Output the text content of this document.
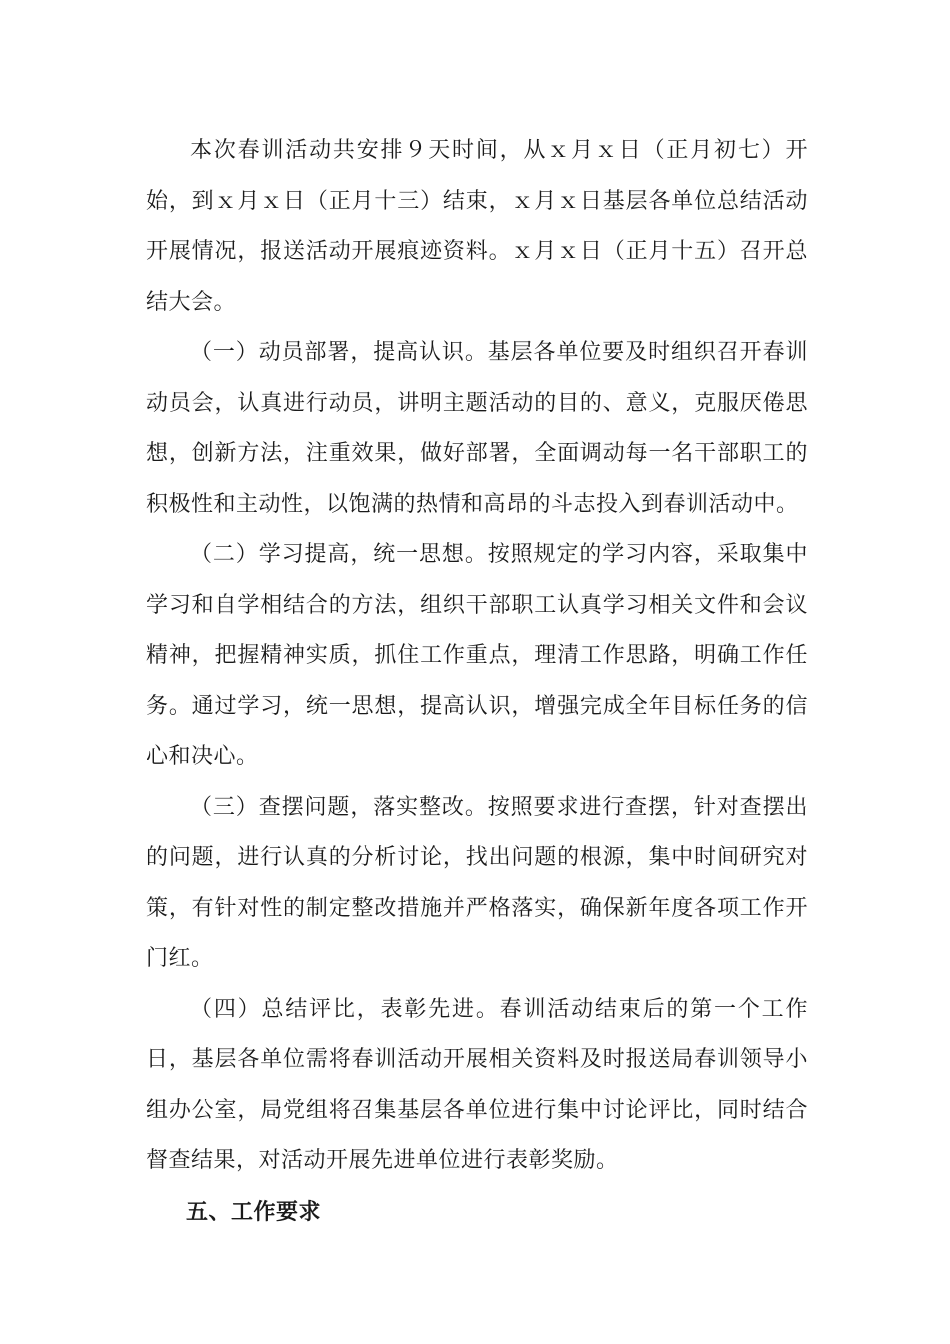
本次春训活动共安排９天时间，从ｘ月ｘ日（正月初七）开始，到ｘ月ｘ日（正月十三）结束，ｘ月ｘ日基层各单位总结活动开展情况，报送活动开展痕迹资料。ｘ月ｘ日（正月十五）召开总结大会。

（一）动员部署，提高认识。基层各单位要及时组织召开春训动员会，认真进行动员，讲明主题活动的目的、意义，克服厌倦思想，创新方法，注重效果，做好部署，全面调动每一名干部职工的积极性和主动性，以饱满的热情和高昂的斗志投入到春训活动中。

（二）学习提高，统一思想。按照规定的学习内容，采取集中学习和自学相结合的方法，组织干部职工认真学习相关文件和会议精神，把握精神实质，抓住工作重点，理清工作思路，明确工作任务。通过学习，统一思想，提高认识，增强完成全年目标任务的信心和决心。

（三）查摆问题，落实整改。按照要求进行查摆，针对查摆出的问题，进行认真的分析讨论，找出问题的根源，集中时间研究对策，有针对性的制定整改措施并严格落实，确保新年度各项工作开门红。

（四）总结评比，表彰先进。春训活动结束后的第一个工作日，基层各单位需将春训活动开展相关资料及时报送局春训领导小组办公室，局党组将召集基层各单位进行集中讨论评比，同时结合督查结果，对活动开展先进单位进行表彰奖励。

五、工作要求
